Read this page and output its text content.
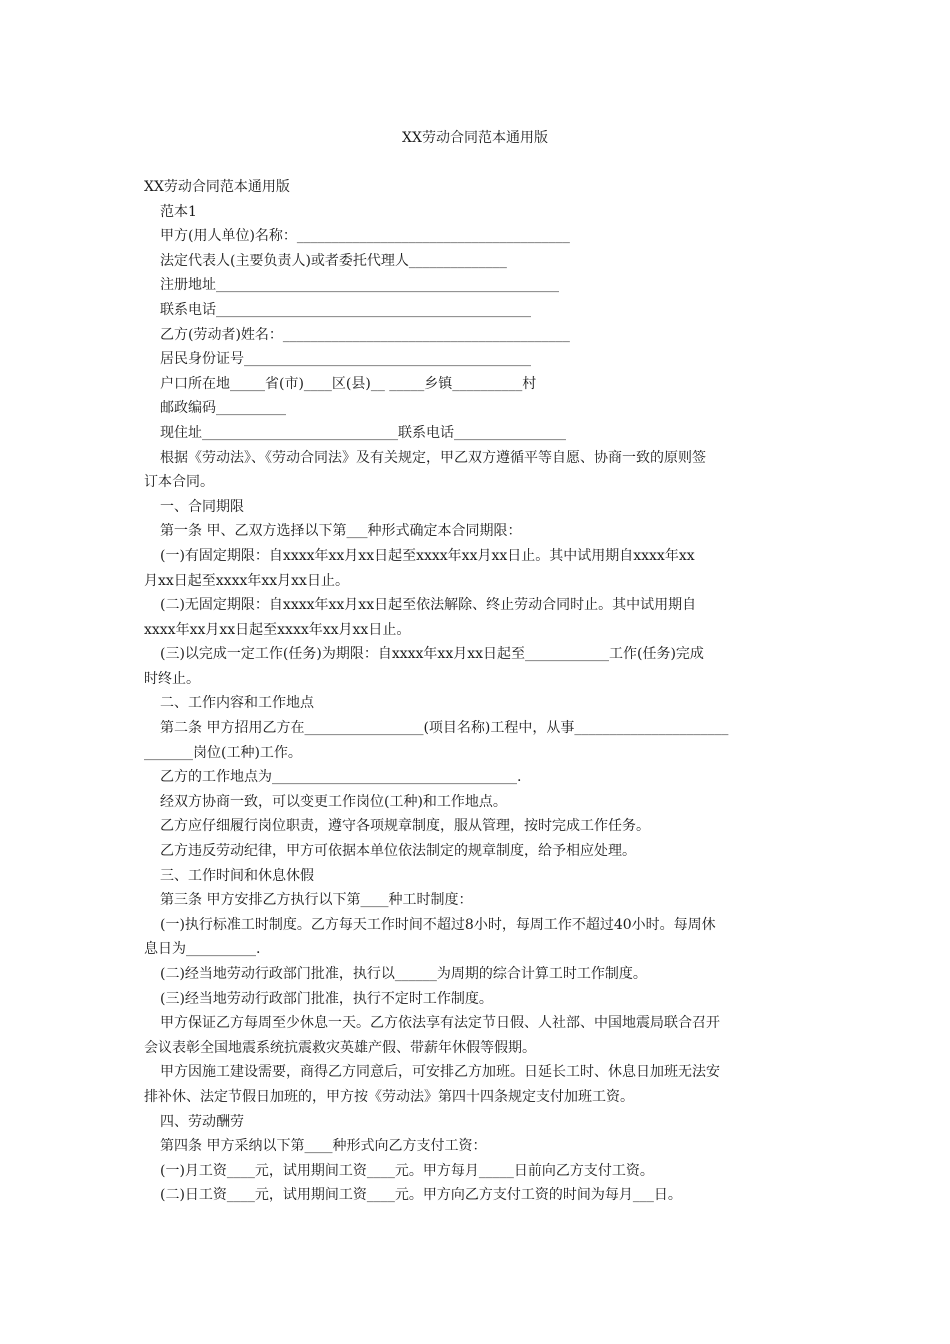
XX劳动合同范本通用版
XX劳动合同范本通用版
范本1
甲方(用人单位)名称：_______________________________________
法定代表人(主要负责人)或者委托代理人______________
注册地址_________________________________________________
联系电话_____________________________________________
乙方(劳动者)姓名：_________________________________________
居民身份证号_________________________________________
户口所在地_____省(市)____区(县)__ _____乡镇__________村
邮政编码__________
现住址____________________________联系电话________________
根据《劳动法》、《劳动合同法》及有关规定，甲乙双方遵循平等自愿、协商一致的原则签
订本合同。
一、合同期限
第一条 甲、乙双方选择以下第___种形式确定本合同期限：
(一)有固定期限：自xxxx年xx月xx日起至xxxx年xx月xx日止。其中试用期自xxxx年xx
月xx日起至xxxx年xx月xx日止。
(二)无固定期限：自xxxx年xx月xx日起至依法解除、终止劳动合同时止。其中试用期自
xxxx年xx月xx日起至xxxx年xx月xx日止。
(三)以完成一定工作(任务)为期限：自xxxx年xx月xx日起至____________工作(任务)完成
时终止。
二、工作内容和工作地点
第二条 甲方招用乙方在_________________(项目名称)工程中，从事______________________
_______岗位(工种)工作。
乙方的工作地点为___________________________________.
经双方协商一致，可以变更工作岗位(工种)和工作地点。
乙方应仔细履行岗位职责，遵守各项规章制度，服从管理，按时完成工作任务。
乙方违反劳动纪律，甲方可依据本单位依法制定的规章制度，给予相应处理。
三、工作时间和休息休假
第三条 甲方安排乙方执行以下第____种工时制度：
(一)执行标准工时制度。乙方每天工作时间不超过8小时，每周工作不超过40小时。每周休
息日为__________.
(二)经当地劳动行政部门批准，执行以______为周期的综合计算工时工作制度。
(三)经当地劳动行政部门批准，执行不定时工作制度。
甲方保证乙方每周至少休息一天。乙方依法享有法定节日假、人社部、中国地震局联合召开
会议表彰全国地震系统抗震救灾英雄产假、带薪年休假等假期。
甲方因施工建设需要，商得乙方同意后，可安排乙方加班。日延长工时、休息日加班无法安
排补休、法定节假日加班的，甲方按《劳动法》第四十四条规定支付加班工资。
四、劳动酬劳
第四条 甲方采纳以下第____种形式向乙方支付工资：
(一)月工资____元，试用期间工资____元。甲方每月_____日前向乙方支付工资。
(二)日工资____元，试用期间工资____元。甲方向乙方支付工资的时间为每月___日。
